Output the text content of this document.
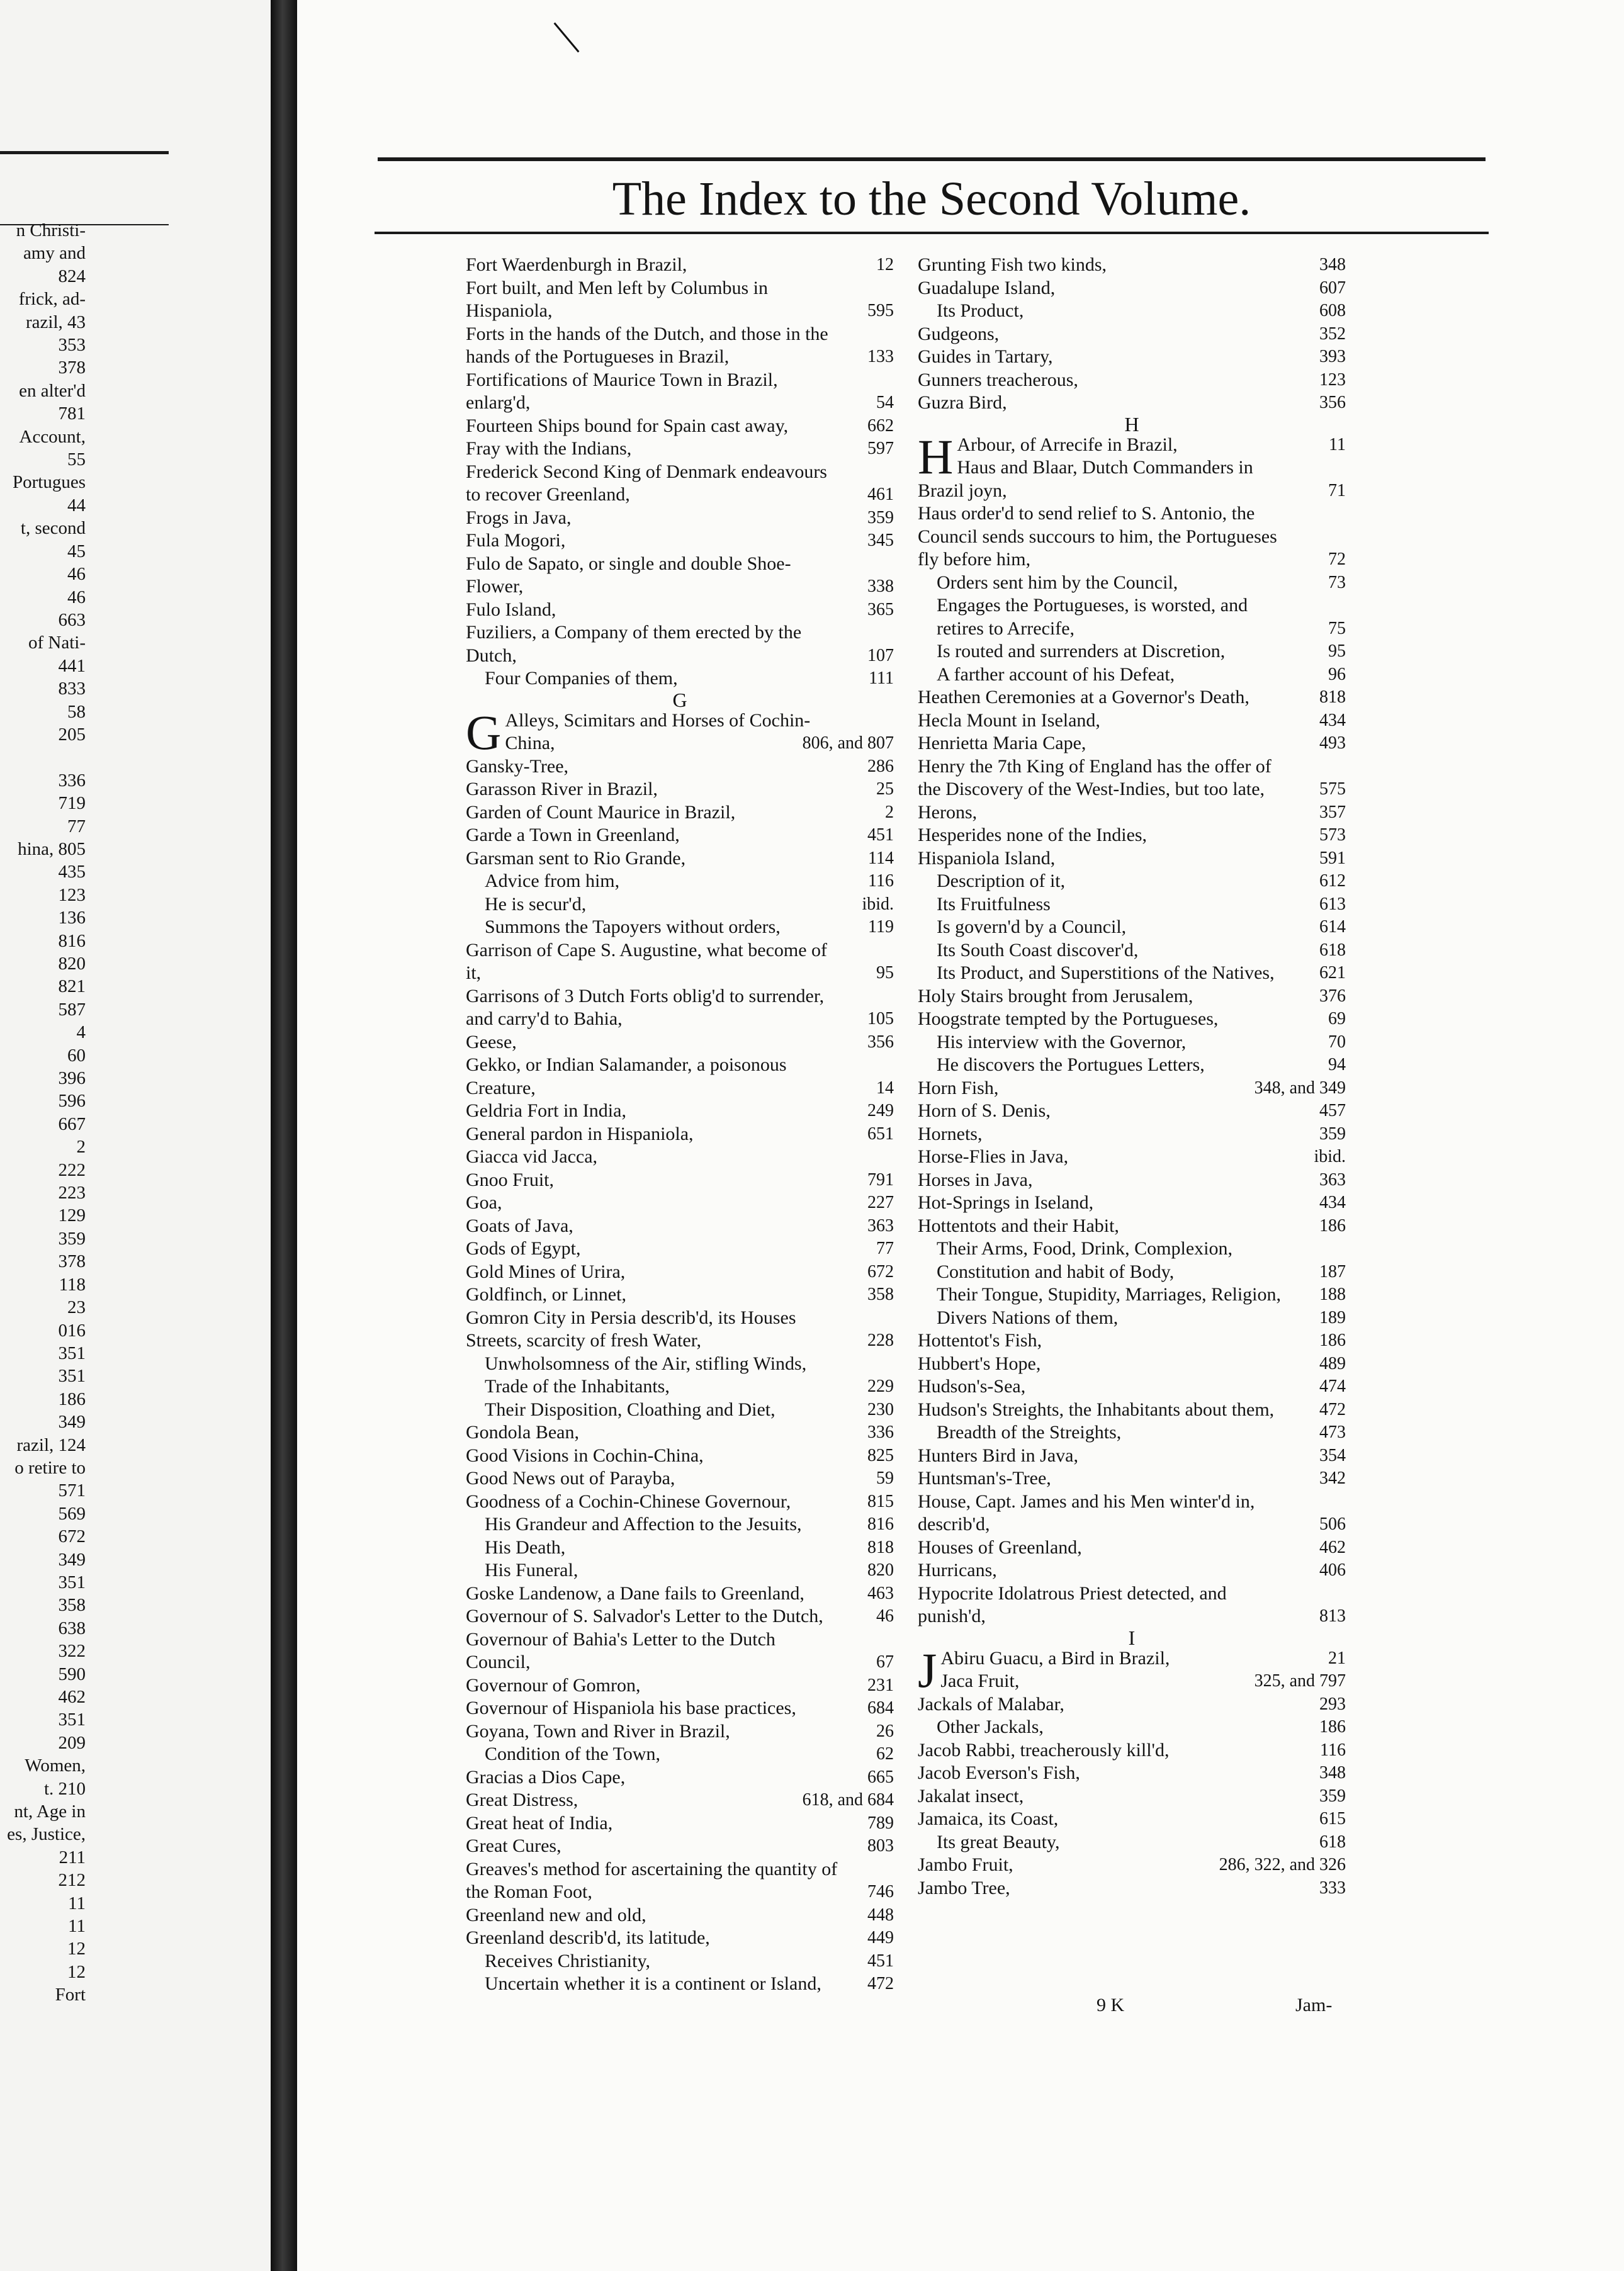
n Christi-
amy and
824
frick, ad-
razil, 43
353
378
en alter'd
781
Account,
55
Portugues
44
t, second
45
46
46
663
of Nati-
441
833
58
205

336
719
77
hina, 805
435
123
136
816
820
821
587
4
60
396
596
667
2
222
223
129
359
378
118
23
016
351
351
186
349
razil, 124
o retire to
571
569
672
349
351
358
638
322
590
462
351
209
Women,
t. 210
nt, Age in
es, Justice,
211
212
11
11
12
12
Fort
The Index to the Second Volume.
Fort Waerdenburgh in Brazil,	12
Fort built, and Men left by Columbus in Hispaniola,	595
Forts in the hands of the Dutch, and those in the hands of the Portugueses in Brazil,	133
Fortifications of Maurice Town in Brazil, enlarg'd,	54
Fourteen Ships bound for Spain cast away,	662
Fray with the Indians,	597
Frederick Second King of Denmark endeavours to recover Greenland,	461
Frogs in Java,	359
Fula Mogori,	345
Fulo de Sapato, or single and double Shoe-Flower,	338
Fulo Island,	365
Fuziliers, a Company of them erected by the Dutch,	107
Four Companies of them,	111
G
G Alleys, Scimitars and Horses of Cochin-China,	806, and 807
Gansky-Tree,	286
Garasson River in Brazil,	25
Garden of Count Maurice in Brazil,	2
Garde a Town in Greenland,	451
Garsman sent to Rio Grande,	114
Advice from him,	116
He is secur'd,	ibid.
Summons the Tapoyers without orders,	119
Garrison of Cape S. Augustine, what become of it,	95
Garrisons of 3 Dutch Forts oblig'd to surrender, and carry'd to Bahia,	105
Geese,	356
Gekko, or Indian Salamander, a poisonous Creature,	14
Geldria Fort in India,	249
General pardon in Hispaniola,	651
Giacca vid Jacca,
Gnoo Fruit,	791
Goa,	227
Goats of Java,	363
Gods of Egypt,	77
Gold Mines of Urira,	672
Goldfinch, or Linnet,	358
Gomron City in Persia describ'd, its Houses Streets, scarcity of fresh Water,	228
Unwholsomness of the Air, stifling Winds, Trade of the Inhabitants,	229
Their Disposition, Cloathing and Diet,	230
Gondola Bean,	336
Good Visions in Cochin-China,	825
Good News out of Parayba,	59
Goodness of a Cochin-Chinese Governour,	815
His Grandeur and Affection to the Jesuits,	816
His Death,	818
His Funeral,	820
Goske Landenow, a Dane fails to Greenland,	463
Governour of S. Salvador's Letter to the Dutch,	46
Governour of Bahia's Letter to the Dutch Council,	67
Governour of Gomron,	231
Governour of Hispaniola his base practices,	684
Goyana, Town and River in Brazil,	26
Condition of the Town,	62
Gracias a Dios Cape,	665
Great Distress,	618, and 684
Great heat of India,	789
Great Cures,	803
Greaves's method for ascertaining the quantity of the Roman Foot,	746
Greenland new and old,	448
Greenland describ'd, its latitude,	449
Receives Christianity,	451
Uncertain whether it is a continent or Island,	472
Grunting Fish two kinds,	348
Guadalupe Island,	607
Its Product,	608
Gudgeons,	352
Guides in Tartary,	393
Gunners treacherous,	123
Guzra Bird,	356
H
H Arbour, of Arrecife in Brazil,	11
Haus and Blaar, Dutch Commanders in Brazil joyn,	71
Haus order'd to send relief to S. Antonio, the Council sends succours to him, the Portugueses fly before him,	72
Orders sent him by the Council,	73
Engages the Portugueses, is worsted, and retires to Arrecife,	75
Is routed and surrenders at Discretion,	95
A farther account of his Defeat,	96
Heathen Ceremonies at a Governor's Death,	818
Hecla Mount in Iseland,	434
Henrietta Maria Cape,	493
Henry the 7th King of England has the offer of the Discovery of the West-Indies, but too late,	575
Herons,	357
Hesperides none of the Indies,	573
Hispaniola Island,	591
Description of it,	612
Its Fruitfulness	613
Is govern'd by a Council,	614
Its South Coast discover'd,	618
Its Product, and Superstitions of the Natives,	621
Holy Stairs brought from Jerusalem,	376
Hoogstrate tempted by the Portugueses,	69
His interview with the Governor,	70
He discovers the Portugues Letters,	94
Horn Fish,	348, and 349
Horn of S. Denis,	457
Hornets,	359
Horse-Flies in Java,	ibid.
Horses in Java,	363
Hot-Springs in Iseland,	434
Hottentots and their Habit,	186
Their Arms, Food, Drink, Complexion, Constitution and habit of Body,	187
Their Tongue, Stupidity, Marriages, Religion,	188
Divers Nations of them,	189
Hottentot's Fish,	186
Hubbert's Hope,	489
Hudson's-Sea,	474
Hudson's Streights, the Inhabitants about them,	472
Breadth of the Streights,	473
Hunters Bird in Java,	354
Huntsman's-Tree,	342
House, Capt. James and his Men winter'd in, describ'd,	506
Houses of Greenland,	462
Hurricans,	406
Hypocrite Idolatrous Priest detected, and punish'd,	813
I
J Abiru Guacu, a Bird in Brazil,	21
Jaca Fruit,	325, and 797
Jackals of Malabar,	293
Other Jackals,	186
Jacob Rabbi, treacherously kill'd,	116
Jacob Everson's Fish,	348
Jakalat insect,	359
Jamaica, its Coast,	615
Its great Beauty,	618
Jambo Fruit,	286, 322, and 326
Jambo Tree,	333
9 K	Jam-
